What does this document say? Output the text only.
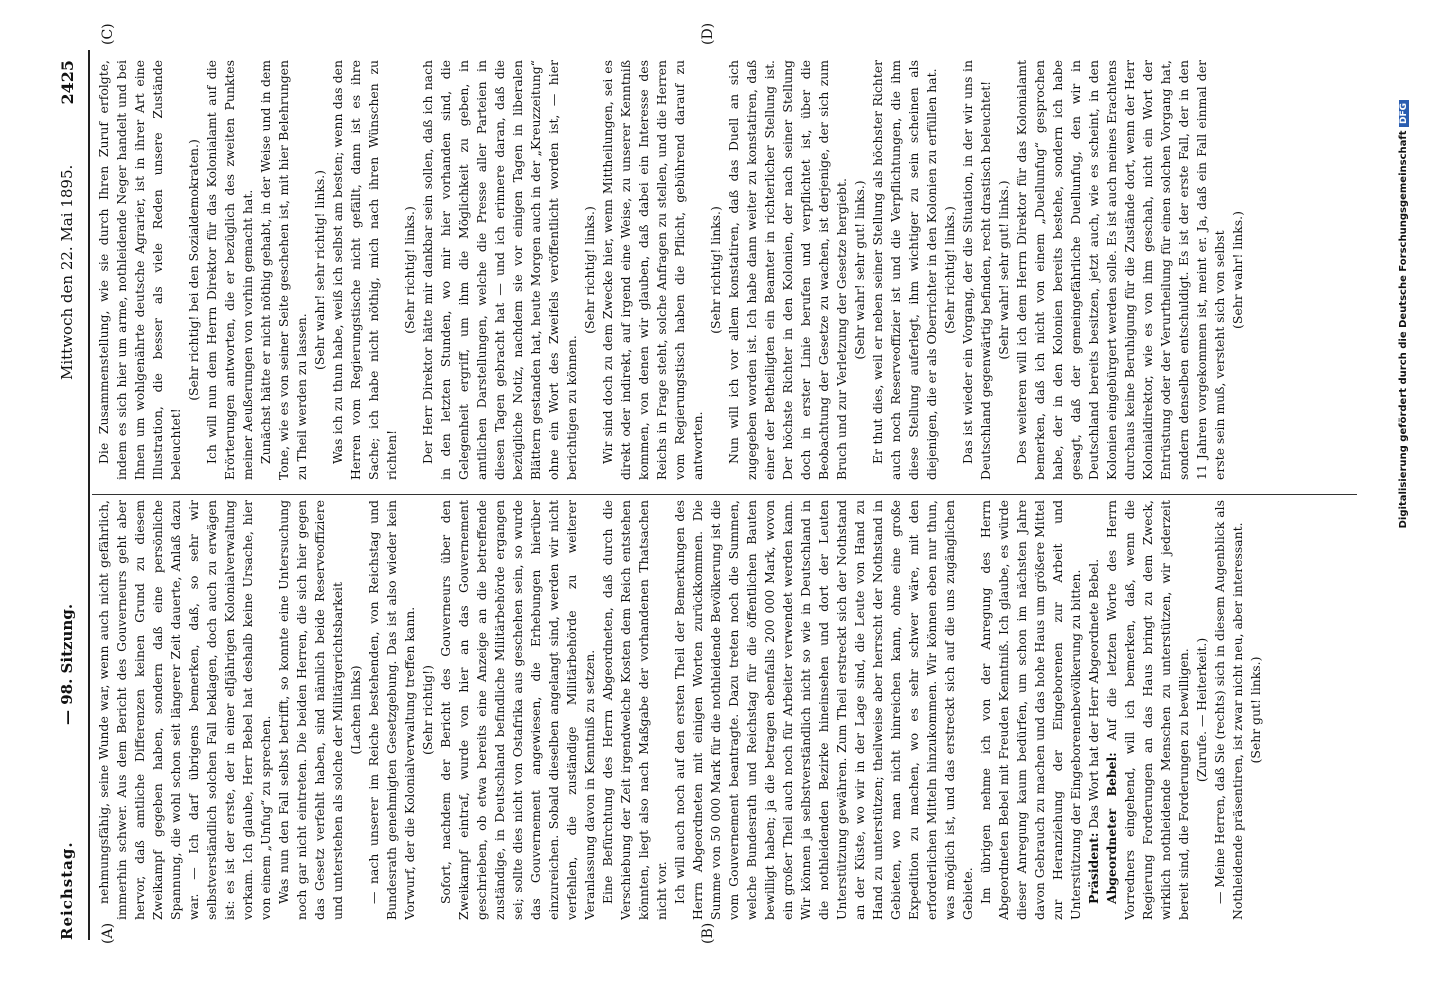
Reichstag.
— 98. Sitzung.
Mittwoch den 22. Mai 1895.
2425
(A)	(B)
(C)	(D)

nehmungsfähig, seine Wunde war, wenn auch nicht gefährlich, immerhin schwer. Aus dem Bericht des Gouverneurs geht aber hervor, daß amtliche Differenzen keinen Grund zu diesem Zweikampf gegeben haben, sondern daß eine persönliche Spannung, die wohl schon seit längerer Zeit dauerte, Anlaß dazu war. — Ich darf übrigens bemerken, daß, so sehr wir selbstverständlich solchen Fall beklagen, doch auch zu erwägen ist: es ist der erste, der in einer elfjährigen Kolonialverwaltung vorkam. Ich glaube, Herr Bebel hat deshalb keine Ursache, hier von einem „Unfug“ zu sprechen. Was nun den Fall selbst betrifft, so konnte eine Untersuchung noch gar nicht eintreten. Die beiden Herren, die sich hier gegen das Gesetz verfehlt haben, sind nämlich beide Reserveoffiziere und unterstehen als solche der Militärgerichtsbarkeit (Lachen links) — nach unserer im Reiche bestehenden, von Reichstag und Bundesrath genehmigten Gesetzgebung. Das ist also wieder kein Vorwurf, der die Kolonialverwaltung treffen kann. (Sehr richtig!) Sofort, nachdem der Bericht des Gouverneurs über den Zweikampf eintraf, wurde von hier an das Gouvernement geschrieben, ob etwa bereits eine Anzeige an die betreffende zuständige, in Deutschland befindliche Militärbehörde ergangen sei; sollte dies nicht von Ostafrika aus geschehen sein, so wurde das Gouvernement angewiesen, die Erhebungen hierüber einzureichen. Sobald dieselben angelangt sind, werden wir nicht verfehlen, die zuständige Militärbehörde zu weiterer Veranlassung davon in Kenntniß zu setzen. Eine Befürchtung des Herrn Abgeordneten, daß durch die Verschiebung der Zeit irgendwelche Kosten dem Reich entstehen könnten, liegt also nach Maßgabe der vorhandenen Thatsachen nicht vor. Ich will auch noch auf den ersten Theil der Bemerkungen des Herrn Abgeordneten mit einigen Worten zurückkommen. Die Summe von 50 000 Mark für die nothleidende Bevölkerung ist die vom Gouvernement beantragte. Dazu treten noch die Summen, welche Bundesrath und Reichstag für die öffentlichen Bauten bewilligt haben; ja die betragen ebenfalls 200 000 Mark, wovon ein großer Theil auch noch für Arbeiter verwendet werden kann. Wir können ja selbstverständlich nicht so wie in Deutschland in die nothleidenden Bezirke hineinsehen und dort der Leuten Unterstützung gewähren. Zum Theil erstreckt sich der Nothstand an der Küste, wo wir in der Lage sind, die Leute von Hand zu Hand zu unterstützen; theilweise aber herrscht der Nothstand in Gebieten, wo man nicht hinreichen kann, ohne eine große Expedition zu machen, wo es sehr schwer wäre, mit den erforderlichen Mitteln hinzukommen. Wir können eben nur thun, was möglich ist, und das erstreckt sich auf die uns zugänglichen Gebiete. Im übrigen nehme ich von der Anregung des Herrn Abgeordneten Bebel mit Freuden Kenntniß. Ich glaube, es würde dieser Anregung kaum bedürfen, um schon im nächsten Jahre davon Gebrauch zu machen und das hohe Haus um größere Mittel zur Heranziehung der Eingeborenen zur Arbeit und Unterstützung der Eingeborenenbevölkerung zu bitten. Präsident: Das Wort hat der Herr Abgeordnete Bebel. Abgeordneter Bebel: Auf die letzten Worte des Herrn Vorredners eingehend, will ich bemerken, daß, wenn die Regierung Forderungen an das Haus bringt zu dem Zweck, wirklich nothleidende Menschen zu unterstützen, wir jederzeit bereit sind, die Forderungen zu bewilligen. (Zurufe. — Heiterkeit.) — Meine Herren, daß Sie (rechts) sich in diesem Augenblick als Nothleidende präsentiren, ist zwar nicht neu, aber interessant. (Sehr gut! links.)

Die Zusammenstellung, wie sie durch Ihren Zuruf erfolgte, indem es sich hier um arme, nothleidende Neger handelt und bei Ihnen um wohlgenährte deutsche Agrarier, ist in ihrer Art eine Illustration, die besser als viele Reden unsere Zustände beleuchtet!

(Sehr richtig! bei den Sozialdemokraten.) Ich will nun dem Herrn Direktor für das Kolonialamt auf die Erörterungen antworten, die er bezüglich des zweiten Punktes meiner Aeußerungen von vorhin gemacht hat. Zunächst hätte er nicht nöthig gehabt, in der Weise und in dem Tone, wie es von seiner Seite geschehen ist, mit hier Belehrungen zu Theil werden zu lassen.

(Sehr wahr! sehr richtig! links.) Was ich zu thun habe, weiß ich selbst am besten; wenn das den Herren vom Regierungstische nicht gefällt, dann ist es ihre Sache; ich habe nicht nöthig, mich nach ihren Wünschen zu richten!

(Sehr richtig! links.) Der Herr Direktor hätte mir dankbar sein sollen, daß ich nach in den letzten Stunden, wo mir hier vorhanden sind, die Gelegenheit ergriff, um ihm die Möglichkeit zu geben, in amtlichen Darstellungen, welche die Presse aller Parteien in diesen Tagen gebracht hat — und ich erinnere daran, daß die bezügliche Notiz, nachdem sie vor einigen Tagen in liberalen Blättern gestanden hat, heute Morgen auch in der „Kreuzzeitung“ ohne ein Wort des Zweifels veröffentlicht worden ist, — hier berichtigen zu können.

(Sehr richtig! links.) Wir sind doch zu dem Zwecke hier, wenn Mittheilungen, sei es direkt oder indirekt, auf irgend eine Weise, zu unserer Kenntniß kommen, von denen wir glauben, daß dabei ein Interesse des Reichs in Frage steht, solche Anfragen zu stellen, und die Herren vom Regierungstisch haben die Pflicht, gebührend darauf zu antworten.

(Sehr richtig! links.) Nun will ich vor allem konstatiren, daß das Duell an sich zugegeben worden ist. Ich habe dann weiter zu konstatiren, daß einer der Betheiligten ein Beamter in richterlicher Stellung ist. Der höchste Richter in den Kolonien, der nach seiner Stellung doch in erster Linie berufen und verpflichtet ist, über die Beobachtung der Gesetze zu wachen, ist derjenige, der sich zum Bruch und zur Verletzung der Gesetze hergiebt. (Sehr wahr! sehr gut! links.) Er thut dies, weil er neben seiner Stellung als höchster Richter auch noch Reserveoffizier ist und die Verpflichtungen, die ihm diese Stellung auferlegt, ihm wichtiger zu sein scheinen als diejenigen, die er als Oberrichter in den Kolonien zu erfüllen hat. (Sehr richtig! links.) Das ist wieder ein Vorgang, der die Situation, in der wir uns in Deutschland gegenwärtig befinden, recht drastisch beleuchtet! (Sehr wahr! sehr gut! links.) Des weiteren will ich dem Herrn Direktor für das Kolonialamt bemerken, daß ich nicht von einem „Duellunfug“ gesprochen habe, der in den Kolonien bereits bestehe, sondern ich habe gesagt, daß der gemeingefährliche Duellunfug, den wir in Deutschland bereits besitzen, jetzt auch, wie es scheint, in den Kolonien eingebürgert werden solle. Es ist auch meines Erachtens durchaus keine Beruhigung für die Zustände dort, wenn der Herr Kolonialdirektor, wie es von ihm geschah, nicht ein Wort der Entrüstung oder der Verurtheilung für einen solchen Vorgang hat, sondern denselben entschuldigt. Es ist der erste Fall, der in den 11 Jahren vorgekommen ist, meint er. Ja, daß ein Fall einmal der erste sein muß, versteht sich von selbst (Sehr wahr! links.)	Digitalisierung gefördert durch die Deutsche Forschungsgemeinschaft DFG
